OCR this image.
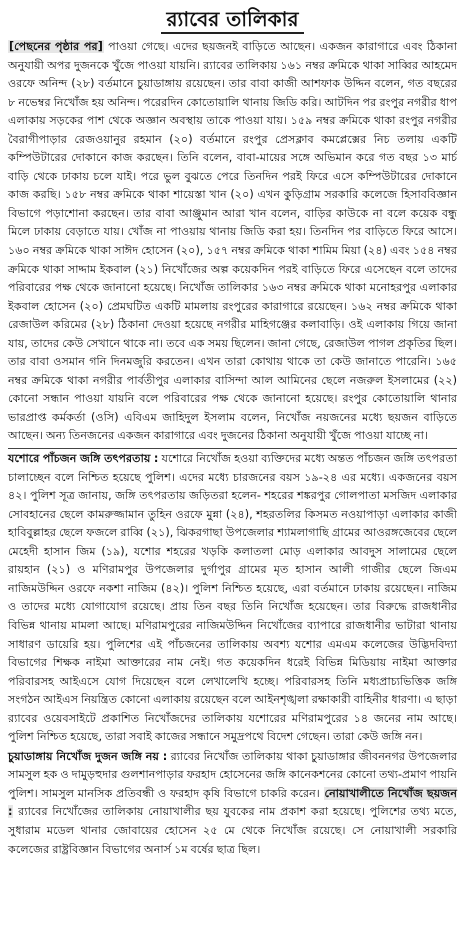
র‌্যাবের তালিকার

[পেছনের পৃষ্ঠার পর] পাওয়া গেছে। এদের ছয়জনই বাড়িতে আছেন। একজন কারাগারে এবং ঠিকানা অনুযায়ী অপর দুজনকে খুঁজে পাওয়া যায়নি। র‌্যাবের তালিকায় ১৬১ নম্বর ক্রমিকে থাকা সাব্বির আহমেদ ওরফে অনিন্দ (২৮) বর্তমানে চুয়াডাঙ্গায় রয়েছেন। তার বাবা কাজী আশফাক উদ্দিন বলেন, গত বছরের ৮ নভেম্বর নিখোঁজ হয় অনিন্দ। পরেরদিন কোতোয়ালি থানায় জিডি করি। আটদিন পর রংপুর নগরীর ধাপ এলাকায় সড়কের পাশ থেকে অজ্ঞান অবস্থায় তাকে পাওয়া যায়। ১৫৯ নম্বর ক্রমিকে থাকা রংপুর নগরীর বৈরাগীপাড়ার রেজওয়ানুর রহমান (২০) বর্তমানে রংপুর প্রেসক্লাব কমপ্লেক্সের নিচ তলায় একটি কম্পিউটারের দোকানে কাজ করছেন। তিনি বলেন, বাবা-মায়ের সঙ্গে অভিমান করে গত বছর ১৩ মার্চ বাড়ি থেকে ঢাকায় চলে যাই। পরে ভুল বুঝতে পেরে তিনদিন পরই ফিরে এসে কম্পিউটারের দোকানে কাজ করছি। ১৫৮ নম্বর ক্রমিকে থাকা শায়েস্তা খান (২০) এখন কুড়িগ্রাম সরকারি কলেজে হিসাববিজ্ঞান বিভাগে পড়াশোনা করছেন। তার বাবা আঞ্জুমান আরা খান বলেন, বাড়ির কাউকে না বলে কয়েক বন্ধু মিলে ঢাকায় বেড়াতে যায়। খোঁজ না পাওয়ায় থানায় জিডি করা হয়। তিনদিন পর বাড়িতে ফিরে আসে। ১৬০ নম্বর ক্রমিকে থাকা সাঈদ হোসেন (২০), ১৫৭ নম্বর ক্রমিকে থাকা শামিম মিয়া (২৪) এবং ১৫৪ নম্বর ক্রমিকে থাকা সাদ্দাম ইকবাল (২১) নিখোঁজের অল্প কয়েকদিন পরই বাড়িতে ফিরে এসেছেন বলে তাদের পরিবারের পক্ষ থেকে জানানো হয়েছে। নিখোঁজ তালিকার ১৬৩ নম্বর ক্রমিকে থাকা মনোহরপুর এলাকার ইকবাল হোসেন (২০) প্রেমঘটিত একটি মামলায় রংপুরের কারাগারে রয়েছেন। ১৬২ নম্বর ক্রমিকে থাকা রেজাউল করিমের (২৮) ঠিকানা দেওয়া হয়েছে নগরীর মাহিগঞ্জের কলাবাড়ি। ওই এলাকায় গিয়ে জানা যায়, তাদের কেউ সেখানে থাকে না। তবে এক সময় ছিলেন। জানা গেছে, রেজাউল পাগল প্রকৃতির ছিল। তার বাবা ওসমান গনি দিনমজুরি করতেন। এখন তারা কোথায় থাকে তা কেউ জানাতে পারেনি। ১৬৫ নম্বর ক্রমিকে থাকা নগরীর পার্বতীপুর এলাকার বাসিন্দা আল আমিনের ছেলে নজরুল ইসলামের (২২) কোনো সন্ধান পাওয়া যায়নি বলে পরিবারের পক্ষ থেকে জানানো হয়েছে। রংপুর কোতোয়ালি থানার ভারপ্রাপ্ত কর্মকর্তা (ওসি) এবিএম জাহিদুল ইসলাম বলেন, নিখোঁজ নয়জনের মধ্যে ছয়জন বাড়িতে আছেন। অন্য তিনজনের একজন কারাগারে এবং দুজনের ঠিকানা অনুযায়ী খুঁজে পাওয়া যাচ্ছে না।

যশোরে পাঁচজন জঙ্গি তৎপরতায় : যশোরে নিখোঁজ হওয়া ব্যক্তিদের মধ্যে অন্তত পাঁচজন জঙ্গি তৎপরতা চালাচ্ছেন বলে নিশ্চিত হয়েছে পুলিশ। এদের মধ্যে চারজনের বয়স ১৯-২৪ এর মধ্যে। একজনের বয়স ৪২। পুলিশ সূত্র জানায়, জঙ্গি তৎপরতায় জড়িতরা হলেন- শহরের শঙ্করপুর গোলপাতা মসজিদ এলাকার সোবহানের ছেলে কামরুজ্জামান তুহিন ওরফে মুন্না (২৪), শহরতলির কিসমত নওয়াপাড়া এলাকার কাজী হাবিবুল্লাহর ছেলে ফজলে রাব্বি (২১), ঝিকরগাছা উপজেলার শ্যামলাগাছি গ্রামের আওরঙ্গজেবের ছেলে মেহেদী হাসান জিম (১৯), যশোর শহরের খড়কি কলাতলা মোড় এলাকার আবদুস সালামের ছেলে রায়হান (২১) ও মণিরামপুর উপজেলার দুর্গাপুর গ্রামের মৃত হাসান আলী গাজীর ছেলে জিএম নাজিমউদ্দিন ওরফে নকশা নাজিম (৪২)। পুলিশ নিশ্চিত হয়েছে, এরা বর্তমানে ঢাকায় রয়েছেন। নাজিম ও তাদের মধ্যে যোগাযোগ রয়েছে। প্রায় তিন বছর তিনি নিখোঁজ হয়েছেন। তার বিরুদ্ধে রাজধানীর বিভিন্ন থানায় মামলা আছে। মণিরামপুরের নাজিমউদ্দিন নিখোঁজের ব্যাপারে রাজধানীর ভাটারা থানায় সাধারণ ডায়েরি হয়। পুলিশের এই পাঁচজনের তালিকায় অবশ্য যশোর এমএম কলেজের উদ্ভিদবিদ্যা বিভাগের শিক্ষক নাইমা আক্তারের নাম নেই। গত কয়েকদিন ধরেই বিভিন্ন মিডিয়ায় নাইমা আক্তার পরিবারসহ আইএসে যোগ দিয়েছেন বলে লেখালেখি হচ্ছে। পরিবারসহ তিনি মধ্যপ্রাচ্যভিত্তিক জঙ্গি সংগঠন আইএস নিয়ন্ত্রিত কোনো এলাকায় রয়েছেন বলে আইনশৃঙ্খলা রক্ষাকারী বাহিনীর ধারণা। এ ছাড়া র‌্যাবের ওয়েবসাইটে প্রকাশিত নিখোঁজদের তালিকায় যশোরের মণিরামপুরের ১৪ জনের নাম আছে। পুলিশ নিশ্চিত হয়েছে, তারা সবাই কাজের সন্ধানে সমুদ্রপথে বিদেশ গেছেন। তারা কেউ জঙ্গি নন।

চুয়াডাঙ্গায় নিখোঁজ দুজন জঙ্গি নয় : র‌্যাবের নিখোঁজ তালিকায় থাকা চুয়াডাঙ্গার জীবননগর উপজেলার সামসুল হক ও দামুড়হুদার গুলশানপাড়ার ফরহাদ হোসেনের জঙ্গি কানেকশনের কোনো তথ্য-প্রমাণ পায়নি পুলিশ। সামসুল মানসিক প্রতিবন্ধী ও ফরহাদ কৃষি বিভাগে চাকরি করেন। নোয়াখালীতে নিখোঁজ ছয়জন : র‌্যাবের নিখোঁজের তালিকায় নোয়াখালীর ছয় যুবকের নাম প্রকাশ করা হয়েছে। পুলিশের তথ্য মতে, সুধারাম মডেল থানার জোবায়ের হোসেন ২৫ মে থেকে নিখোঁজ রয়েছে। সে নোয়াখালী সরকারি কলেজের রাষ্ট্রবিজ্ঞান বিভাগের অনার্স ১ম বর্ষের ছাত্র ছিল।
